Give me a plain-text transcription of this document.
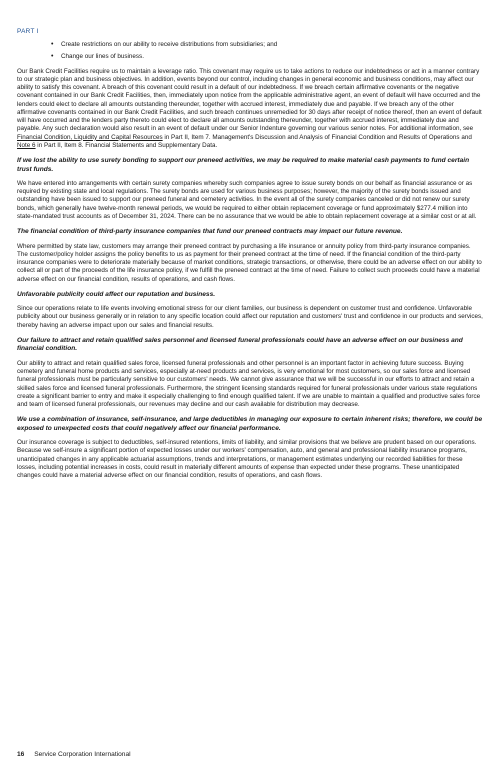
PART I
• Create restrictions on our ability to receive distributions from subsidiaries; and
• Change our lines of business.

Our Bank Credit Facilities require us to maintain a leverage ratio. This covenant may require us to take actions to reduce our indebtedness or act in a manner contrary to our strategic plan and business objectives. In addition, events beyond our control, including changes in general economic and business conditions, may affect our ability to satisfy this covenant. A breach of this covenant could result in a default of our indebtedness. If we breach certain affirmative covenants or the negative covenant contained in our Bank Credit Facilities, then, immediately upon notice from the applicable administrative agent, an event of default will have occurred and the lenders could elect to declare all amounts outstanding thereunder, together with accrued interest, immediately due and payable. If we breach any of the other affirmative covenants contained in our Bank Credit Facilities, and such breach continues unremedied for 30 days after receipt of notice thereof, then an event of default will have occurred and the lenders party thereto could elect to declare all amounts outstanding thereunder, together with accrued interest, immediately due and payable. Any such declaration would also result in an event of default under our Senior Indenture governing our various senior notes. For additional information, see Financial Condition, Liquidity and Capital Resources in Part II, Item 7. Management's Discussion and Analysis of Financial Condition and Results of Operations and Note 6 in Part II, Item 8. Financial Statements and Supplementary Data.

If we lost the ability to use surety bonding to support our preneed activities, we may be required to make material cash payments to fund certain trust funds.

We have entered into arrangements with certain surety companies whereby such companies agree to issue surety bonds on our behalf as financial assurance or as required by existing state and local regulations. The surety bonds are used for various business purposes; however, the majority of the surety bonds issued and outstanding have been issued to support our preneed funeral and cemetery activities. In the event all of the surety companies canceled or did not renew our surety bonds, which generally have twelve-month renewal periods, we would be required to either obtain replacement coverage or fund approximately $277.4 million into state-mandated trust accounts as of December 31, 2024. There can be no assurance that we would be able to obtain replacement coverage at a similar cost or at all.

The financial condition of third-party insurance companies that fund our preneed contracts may impact our future revenue.

Where permitted by state law, customers may arrange their preneed contract by purchasing a life insurance or annuity policy from third-party insurance companies. The customer/policy holder assigns the policy benefits to us as payment for their preneed contract at the time of need. If the financial condition of the third-party insurance companies were to deteriorate materially because of market conditions, strategic transactions, or otherwise, there could be an adverse effect on our ability to collect all or part of the proceeds of the life insurance policy, if we fulfill the preneed contract at the time of need. Failure to collect such proceeds could have a material adverse effect on our financial condition, results of operations, and cash flows.

Unfavorable publicity could affect our reputation and business.

Since our operations relate to life events involving emotional stress for our client families, our business is dependent on customer trust and confidence. Unfavorable publicity about our business generally or in relation to any specific location could affect our reputation and customers' trust and confidence in our products and services, thereby having an adverse impact upon our sales and financial results.

Our failure to attract and retain qualified sales personnel and licensed funeral professionals could have an adverse effect on our business and financial condition.

Our ability to attract and retain qualified sales force, licensed funeral professionals and other personnel is an important factor in achieving future success. Buying cemetery and funeral home products and services, especially at-need products and services, is very emotional for most customers, so our sales force and licensed funeral professionals must be particularly sensitive to our customers' needs. We cannot give assurance that we will be successful in our efforts to attract and retain a skilled sales force and licensed funeral professionals. Furthermore, the stringent licensing standards required for funeral professionals under various state regulations create a significant barrier to entry and make it especially challenging to find enough qualified talent. If we are unable to maintain a qualified and productive sales force and team of licensed funeral professionals, our revenues may decline and our cash available for distribution may decrease.

We use a combination of insurance, self-insurance, and large deductibles in managing our exposure to certain inherent risks; therefore, we could be exposed to unexpected costs that could negatively affect our financial performance.

Our insurance coverage is subject to deductibles, self-insured retentions, limits of liability, and similar provisions that we believe are prudent based on our operations. Because we self-insure a significant portion of expected losses under our workers' compensation, auto, and general and professional liability insurance programs, unanticipated changes in any applicable actuarial assumptions, trends and interpretations, or management estimates underlying our recorded liabilities for these losses, including potential increases in costs, could result in materially different amounts of expense than expected under these programs. These unanticipated changes could have a material adverse effect on our financial condition, results of operations, and cash flows.

16 Service Corporation International
